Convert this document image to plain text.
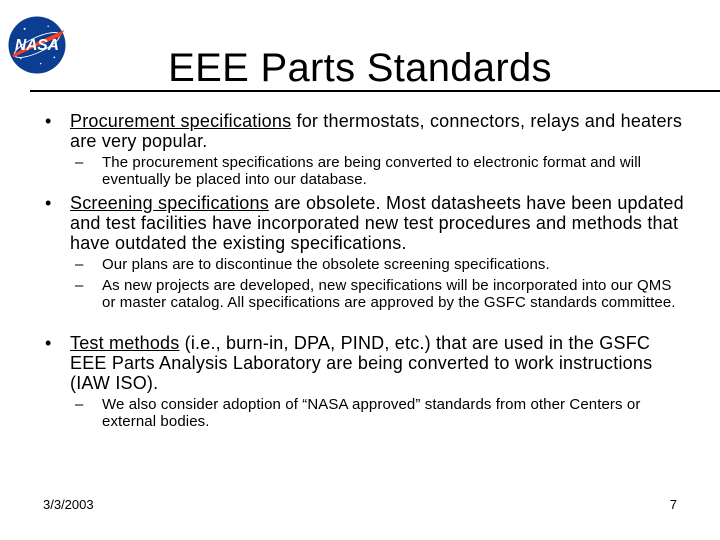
NASA
EEE Parts Standards
• Procurement specifications for thermostats, connectors, relays and heaters are very popular.
– The procurement specifications are being converted to electronic format and will eventually be placed into our database.
• Screening specifications are obsolete. Most datasheets have been updated and test facilities have incorporated new test procedures and methods that have outdated the existing specifications.
– Our plans are to discontinue the obsolete screening specifications.
– As new projects are developed, new specifications will be incorporated into our QMS or master catalog. All specifications are approved by the GSFC standards committee.
• Test methods (i.e., burn-in, DPA, PIND, etc.) that are used in the GSFC EEE Parts Analysis Laboratory are being converted to work instructions (IAW ISO).
– We also consider adoption of “NASA approved” standards from other Centers or external bodies.
3/3/2003	7
